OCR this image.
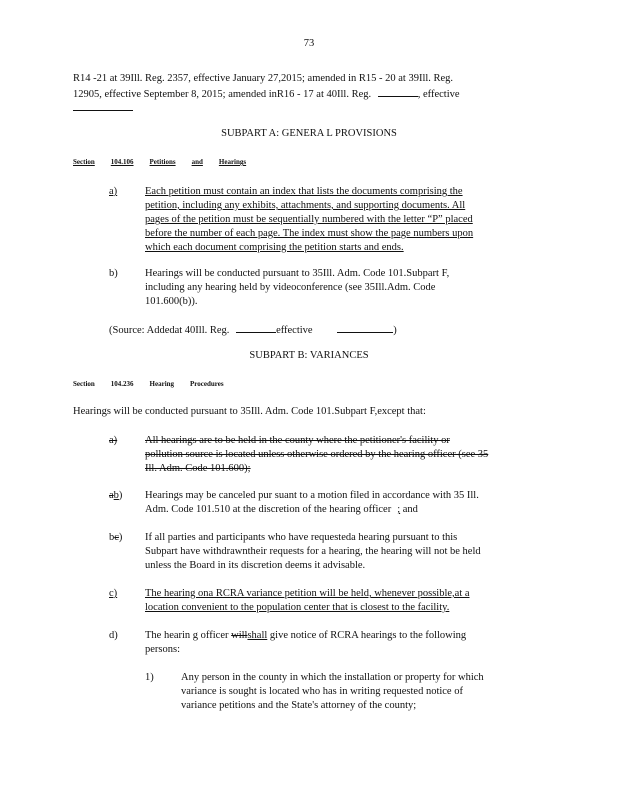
73
R14 -21 at 39Ill. Reg. 2357, effective January 27,2015; amended in R15 - 20 at 39Ill. Reg.
12905, effective September 8, 2015; amended inR16 - 17 at 40Ill. Reg.	, effective
SUBPART A: GENERA L PROVISIONS
Section 104.106 Petitions and Hearings
a)	Each petition must contain an index that lists the documents comprising the
petition, including any exhibits, attachments, and supporting documents. All
pages of the petition must be sequentially numbered with the letter “P” placed
before the number of each page. The index must show the page numbers upon
which each document comprising the petition starts and ends.
b)	Hearings will be conducted pursuant to 35Ill. Adm. Code 101.Subpart F,
including any hearing held by videoconference (see 35Ill.Adm. Code
101.600(b)).
(Source: Addedat 40Ill. Reg.	effective	)
SUBPART B: VARIANCES
Section 104.236 Hearing Procedures
Hearings will be conducted pursuant to 35Ill. Adm. Code 101.Subpart F,except that:
a)	All hearings are to be held in the county where the petitioner's facility or
pollution source is located unless otherwise ordered by the hearing officer (see 35
Ill. Adm. Code 101.600);
ab) Hearings may be canceled pur suant to a motion filed in accordance with 35 Ill.
Adm. Code 101.510 at the discretion of the hearing officer ; and
bc) If all parties and participants who have requesteda hearing pursuant to this
Subpart have withdrawntheir requests for a hearing, the hearing will not be held
unless the Board in its discretion deems it advisable.
c)	The hearing ona RCRA variance petition will be held, whenever possible,at a
location convenient to the population center that is closest to the facility.
d)	The hearin g officer willshall give notice of RCRA hearings to the following
persons:
1)	Any person in the county in which the installation or property for which
variance is sought is located who has in writing requested notice of
variance petitions and the State's attorney of the county;
